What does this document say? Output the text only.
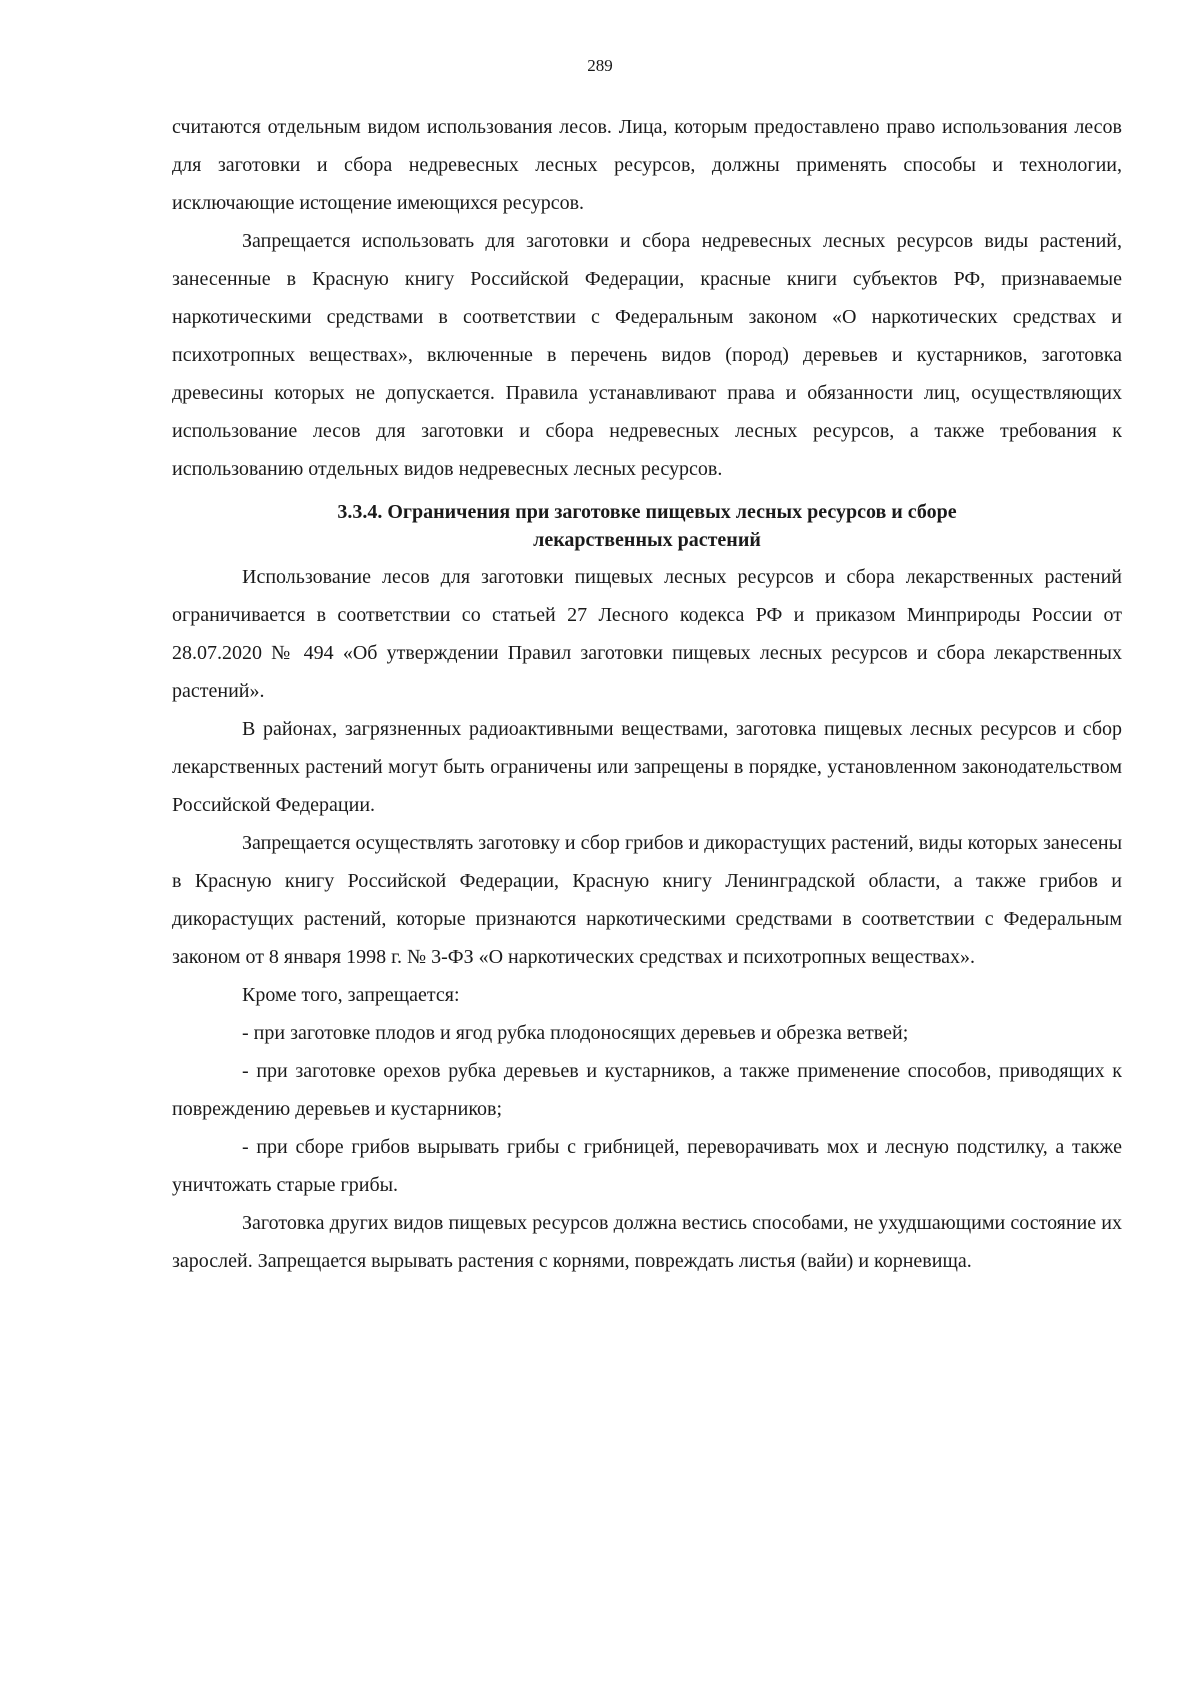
289

считаются отдельным видом использования лесов. Лица, которым предоставлено право использования лесов для заготовки и сбора недревесных лесных ресурсов, должны применять способы и технологии, исключающие истощение имеющихся ресурсов.

Запрещается использовать для заготовки и сбора недревесных лесных ресурсов виды растений, занесенные в Красную книгу Российской Федерации, красные книги субъектов РФ, признаваемые наркотическими средствами в соответствии с Федеральным законом «О наркотических средствах и психотропных веществах», включенные в перечень видов (пород) деревьев и кустарников, заготовка древесины которых не допускается. Правила устанавливают права и обязанности лиц, осуществляющих использование лесов для заготовки и сбора недревесных лесных ресурсов, а также требования к использованию отдельных видов недревесных лесных ресурсов.

3.3.4. Ограничения при заготовке пищевых лесных ресурсов и сборе
лекарственных растений

Использование лесов для заготовки пищевых лесных ресурсов и сбора лекарственных растений ограничивается в соответствии со статьей 27 Лесного кодекса РФ и приказом Минприроды России от 28.07.2020 № 494 «Об утверждении Правил заготовки пищевых лесных ресурсов и сбора лекарственных растений».

В районах, загрязненных радиоактивными веществами, заготовка пищевых лесных ресурсов и сбор лекарственных растений могут быть ограничены или запрещены в порядке, установленном законодательством Российской Федерации.

Запрещается осуществлять заготовку и сбор грибов и дикорастущих растений, виды которых занесены в Красную книгу Российской Федерации, Красную книгу Ленинградской области, а также грибов и дикорастущих растений, которые признаются наркотическими средствами в соответствии с Федеральным законом от 8 января 1998 г. № 3-ФЗ «О наркотических средствах и психотропных веществах».

Кроме того, запрещается:

- при заготовке плодов и ягод рубка плодоносящих деревьев и обрезка ветвей;

- при заготовке орехов рубка деревьев и кустарников, а также применение способов, приводящих к повреждению деревьев и кустарников;

- при сборе грибов вырывать грибы с грибницей, переворачивать мох и лесную подстилку, а также уничтожать старые грибы.

Заготовка других видов пищевых ресурсов должна вестись способами, не ухудшающими состояние их зарослей. Запрещается вырывать растения с корнями, повреждать листья (вайи) и корневища.
